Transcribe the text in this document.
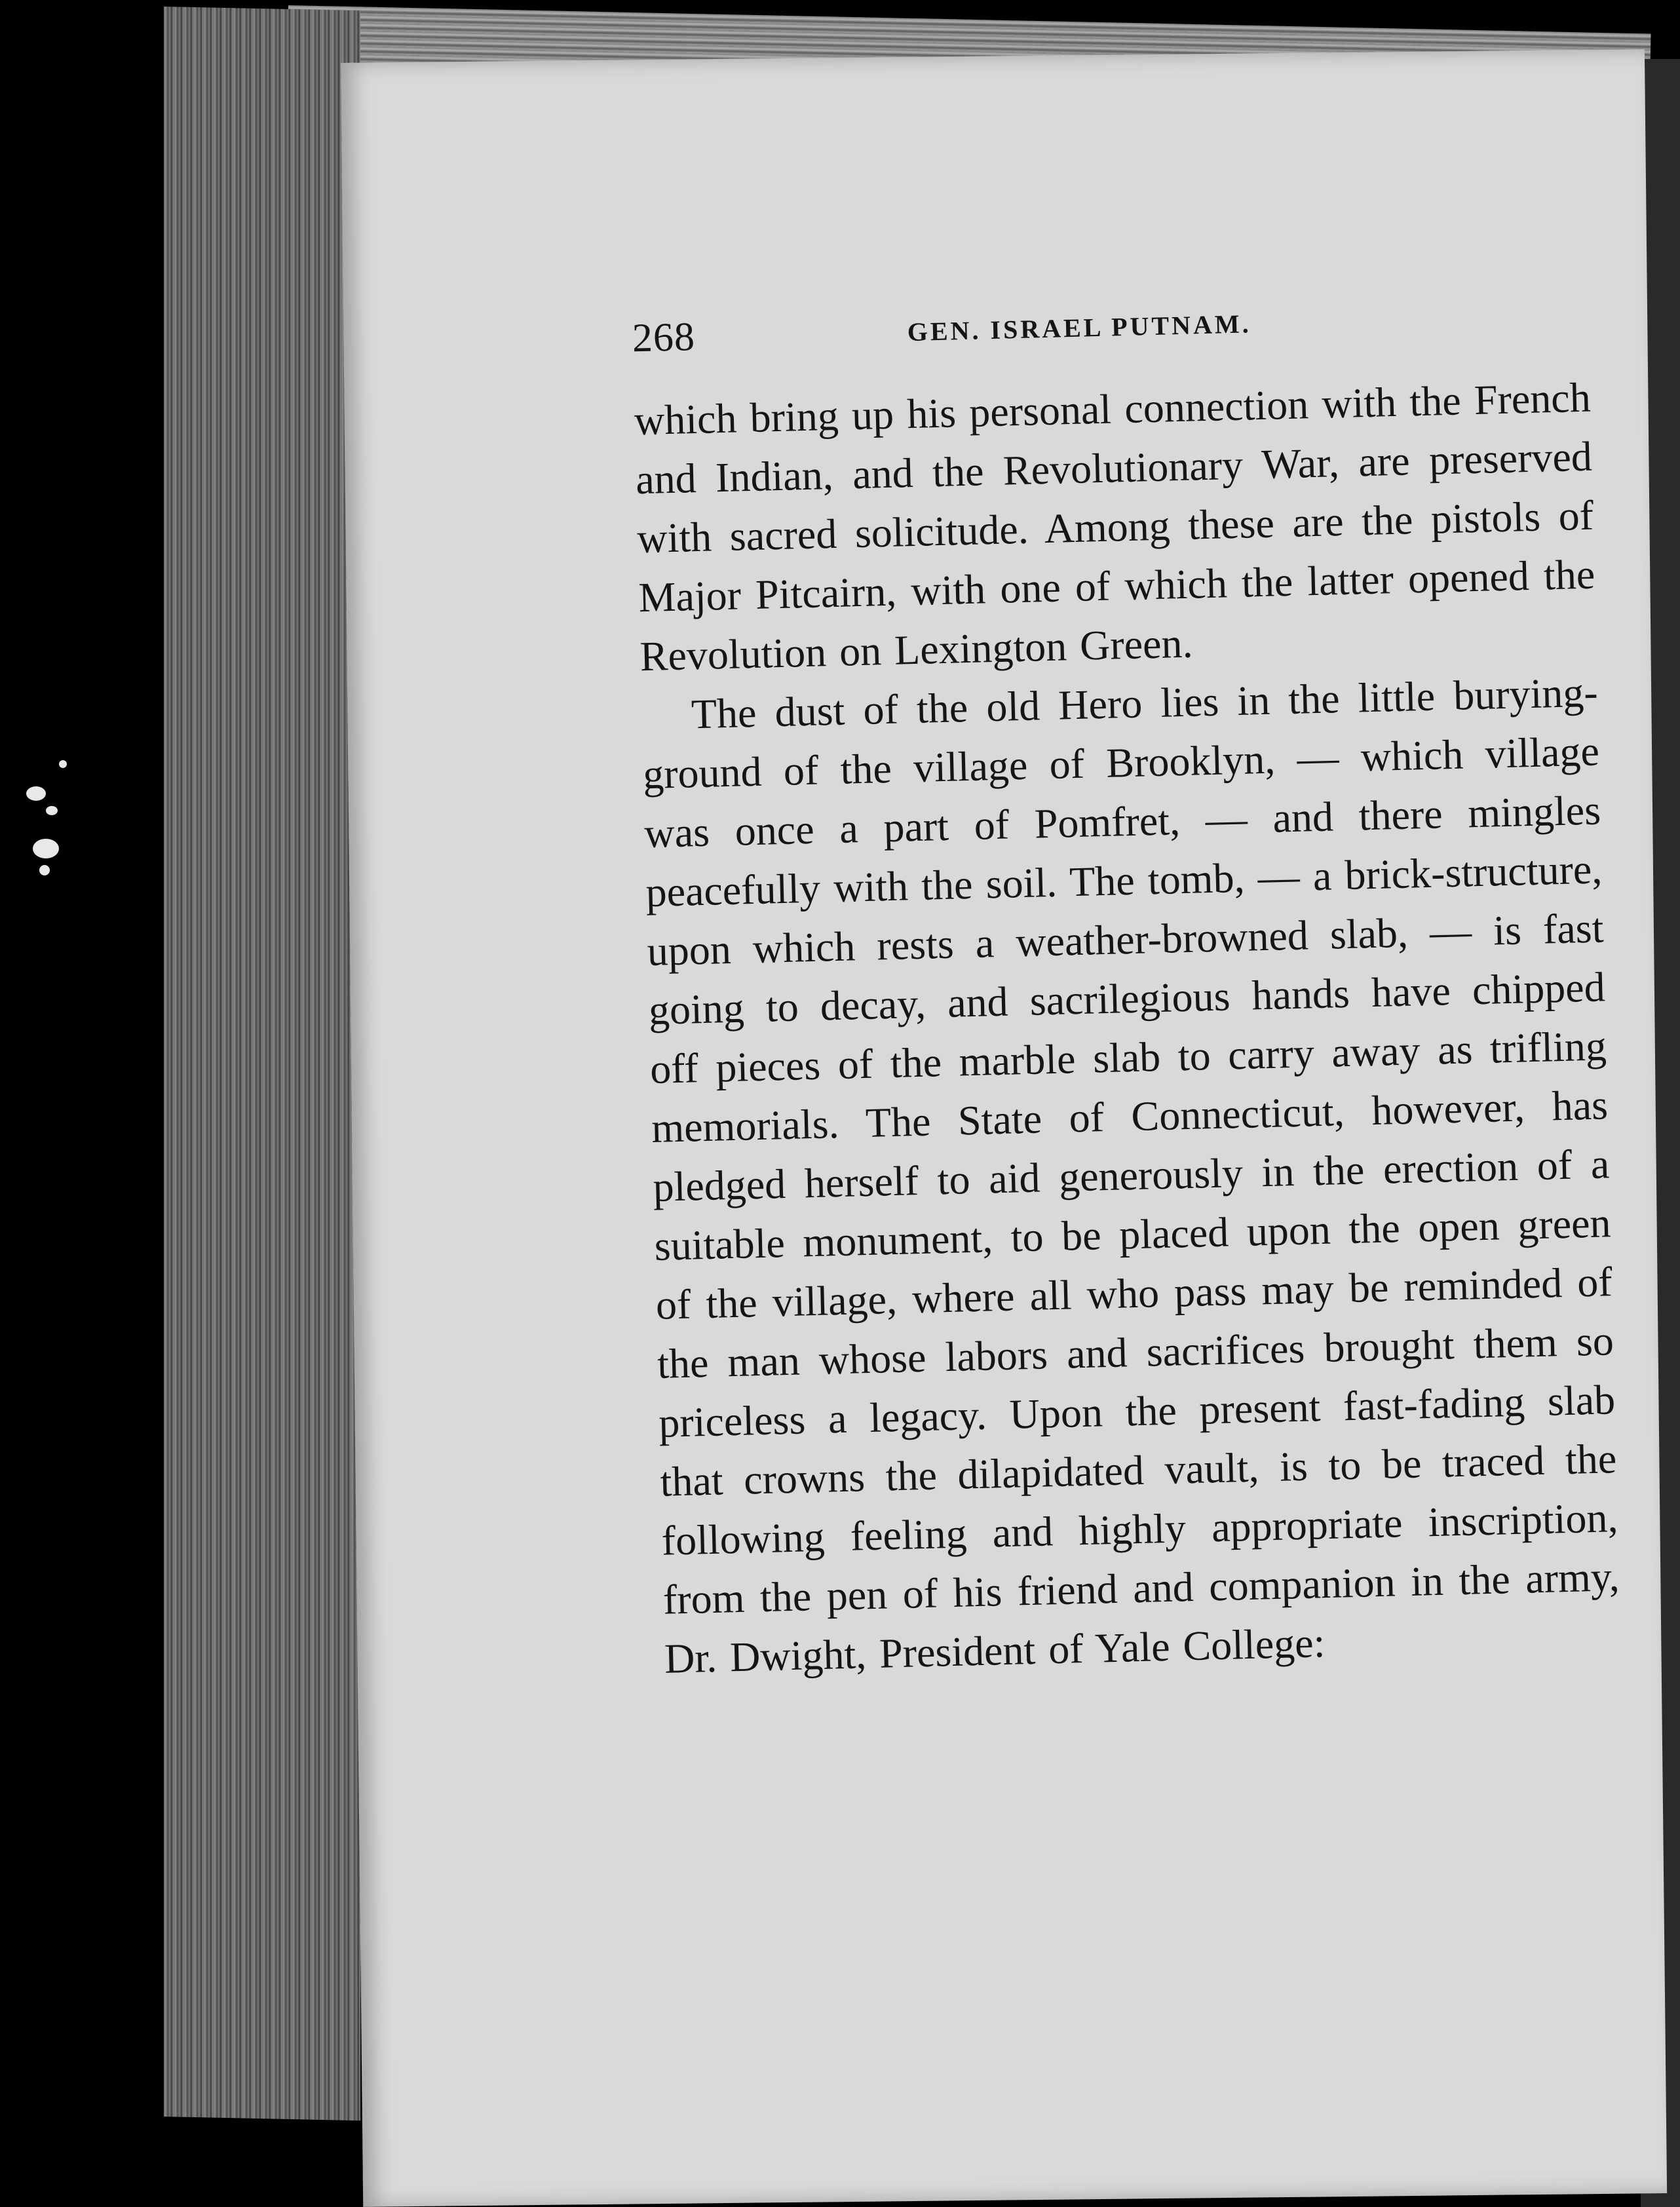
268	GEN. ISRAEL PUTNAM.

which bring up his personal connection with the French and Indian, and the Revolutionary War, are preserved with sacred solicitude. Among these are the pistols of Major Pitcairn, with one of which the latter opened the Revolution on Lexington Green.

The dust of the old Hero lies in the little burying-ground of the village of Brooklyn, — which village was once a part of Pomfret, — and there mingles peacefully with the soil. The tomb, — a brick-structure, upon which rests a weather-browned slab, — is fast going to decay, and sacrilegious hands have chipped off pieces of the marble slab to carry away as trifling memorials. The State of Connecticut, however, has pledged herself to aid generously in the erection of a suitable monument, to be placed upon the open green of the village, where all who pass may be reminded of the man whose labors and sacrifices brought them so priceless a legacy. Upon the present fast-fading slab that crowns the dilapidated vault, is to be traced the following feeling and highly appropriate inscription, from the pen of his friend and companion in the army, Dr. Dwight, President of Yale College:
